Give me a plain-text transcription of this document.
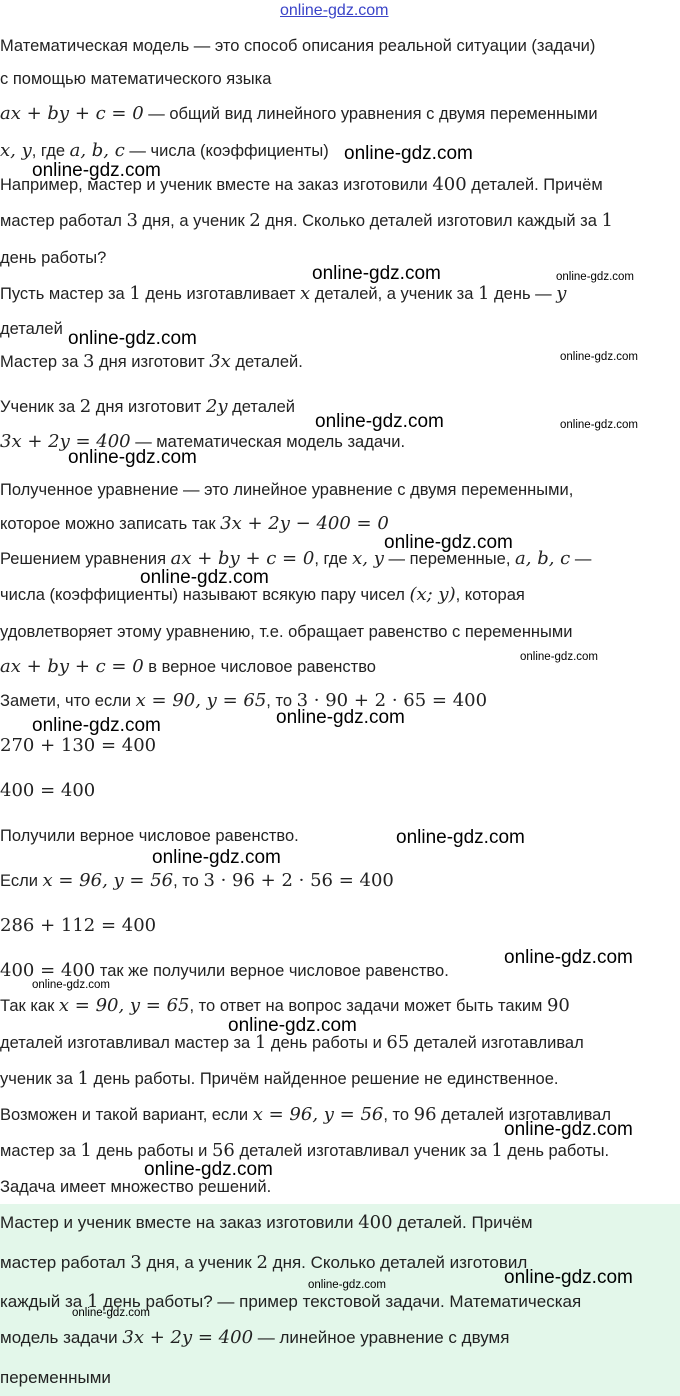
online-gdz.com
Математическая модель — это способ описания реальной ситуации (задачи)
с помощью математического языка
ax + by + c = 0 — общий вид линейного уравнения с двумя переменными
x, y, где a, b, c — числа (коэффициенты)
Например, мастер и ученик вместе на заказ изготовили 400 деталей. Причём
мастер работал 3 дня, а ученик 2 дня. Сколько деталей изготовил каждый за 1
день работы?
Пусть мастер за 1 день изготавливает x деталей, а ученик за 1 день — y
деталей
Мастер за 3 дня изготовит 3x деталей.
Ученик за 2 дня изготовит 2y деталей
3x + 2y = 400 — математическая модель задачи.
Полученное уравнение — это линейное уравнение с двумя переменными,
которое можно записать так 3x + 2y − 400 = 0
Решением уравнения ax + by + c = 0, где x, y — переменные, a, b, c —
числа (коэффициенты) называют всякую пару чисел (x; y), которая
удовлетворяет этому уравнению, т.е. обращает равенство с переменными
ax + by + c = 0 в верное числовое равенство
Замети, что если x = 90, y = 65, то 3 · 90 + 2 · 65 = 400
270 + 130 = 400
400 = 400
Получили верное числовое равенство.
Если x = 96, y = 56, то 3 · 96 + 2 · 56 = 400
286 + 112 = 400
400 = 400 так же получили верное числовое равенство.
Так как x = 90, y = 65, то ответ на вопрос задачи может быть таким 90
деталей изготавливал мастер за 1 день работы и 65 деталей изготавливал
ученик за 1 день работы. Причём найденное решение не единственное.
Возможен и такой вариант, если x = 96, y = 56, то 96 деталей изготавливал
мастер за 1 день работы и 56 деталей изготавливал ученик за 1 день работы.
Задача имеет множество решений.
Мастер и ученик вместе на заказ изготовили 400 деталей. Причём
мастер работал 3 дня, а ученик 2 дня. Сколько деталей изготовил
каждый за 1 день работы? — пример текстовой задачи. Математическая
модель задачи 3x + 2y = 400 — линейное уравнение с двумя
переменными
online-gdz.com
online-gdz.com
online-gdz.com	online-gdz.com
online-gdz.com
online-gdz.com
online-gdz.com	online-gdz.com
online-gdz.com
online-gdz.com
online-gdz.com
online-gdz.com
online-gdz.com
online-gdz.com
online-gdz.com
online-gdz.com
online-gdz.com
online-gdz.com
online-gdz.com
online-gdz.com
online-gdz.com
online-gdz.com
online-gdz.com
online-gdz.com
